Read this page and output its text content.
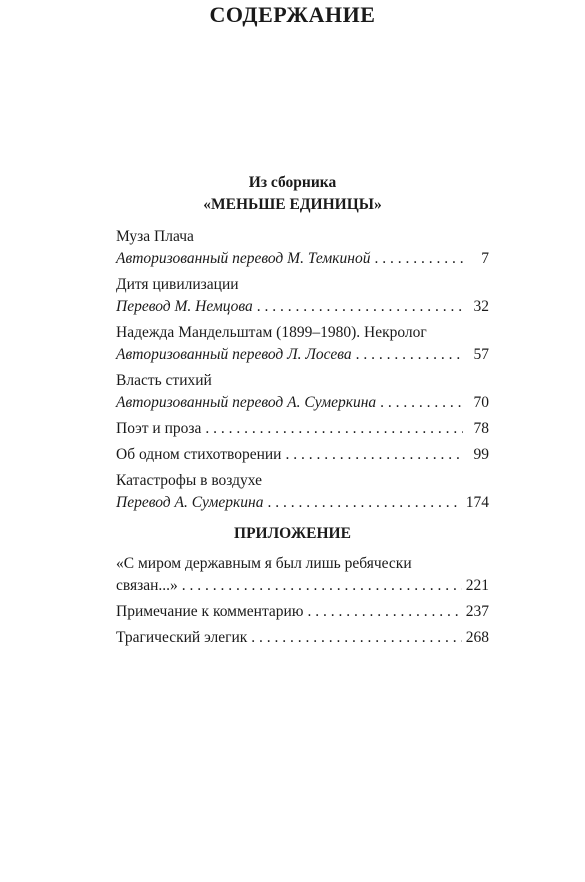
СОДЕРЖАНИЕ
Из сборника
«МЕНЬШЕ ЕДИНИЦЫ»
Муза Плача
Авторизованный перевод М. Темкиной . . .	7
Дитя цивилизации
Перевод М. Немцова . . .	32
Надежда Мандельштам (1899–1980). Некролог
Авторизованный перевод Л. Лосева . . .	57
Власть стихий
Авторизованный перевод А. Сумеркина . . .	70
Поэт и проза . . .	78
Об одном стихотворении . . .	99
Катастрофы в воздухе
Перевод А. Сумеркина . . .	174
ПРИЛОЖЕНИЕ
«С миром державным я был лишь ребячески
связан...» . . .	221
Примечание к комментарию . . .	237
Трагический элегик . . .	268
